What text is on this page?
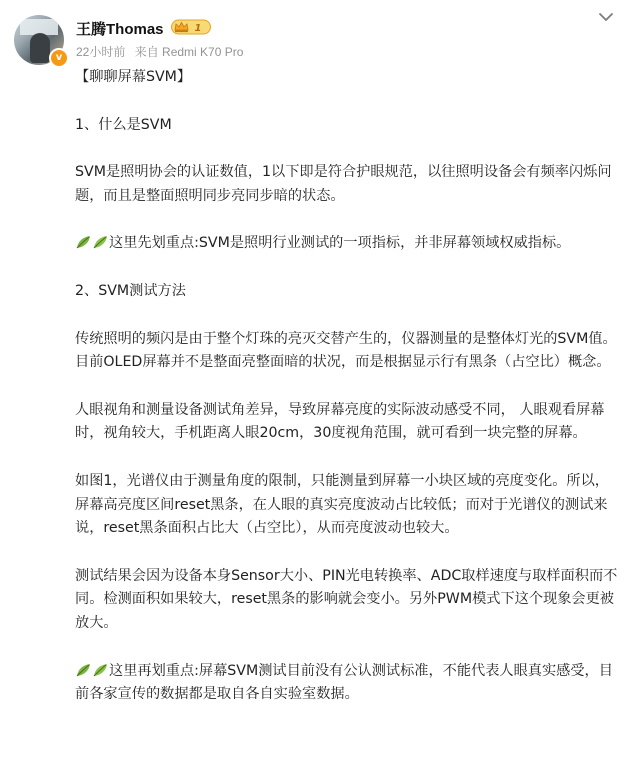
v
王腾Thomas	1
22小时前 来自 Redmi K70 Pro

【聊聊屏幕SVM】

1、什么是SVM

SVM是照明协会的认证数值，1以下即是符合护眼规范，以往照明设备会有频率闪烁问题，而且是整面照明同步亮同步暗的状态。

这里先划重点:SVM是照明行业测试的一项指标，并非屏幕领域权威指标。

2、SVM测试方法

传统照明的频闪是由于整个灯珠的亮灭交替产生的，仪器测量的是整体灯光的SVM值。目前OLED屏幕并不是整面亮整面暗的状况，而是根据显示行有黑条（占空比）概念。

人眼视角和测量设备测试角差异，导致屏幕亮度的实际波动感受不同， 人眼观看屏幕时，视角较大，手机距离人眼20cm，30度视角范围，就可看到一块完整的屏幕。

如图1，光谱仪由于测量角度的限制，只能测量到屏幕一小块区域的亮度变化。所以，屏幕高亮度区间reset黑条，在人眼的真实亮度波动占比较低；而对于光谱仪的测试来说，reset黑条面积占比大（占空比），从而亮度波动也较大。

测试结果会因为设备本身Sensor大小、PIN光电转换率、ADC取样速度与取样面积而不同。检测面积如果较大，reset黑条的影响就会变小。另外PWM模式下这个现象会更被放大。

这里再划重点:屏幕SVM测试目前没有公认测试标准，不能代表人眼真实感受，目前各家宣传的数据都是取自各自实验室数据。
